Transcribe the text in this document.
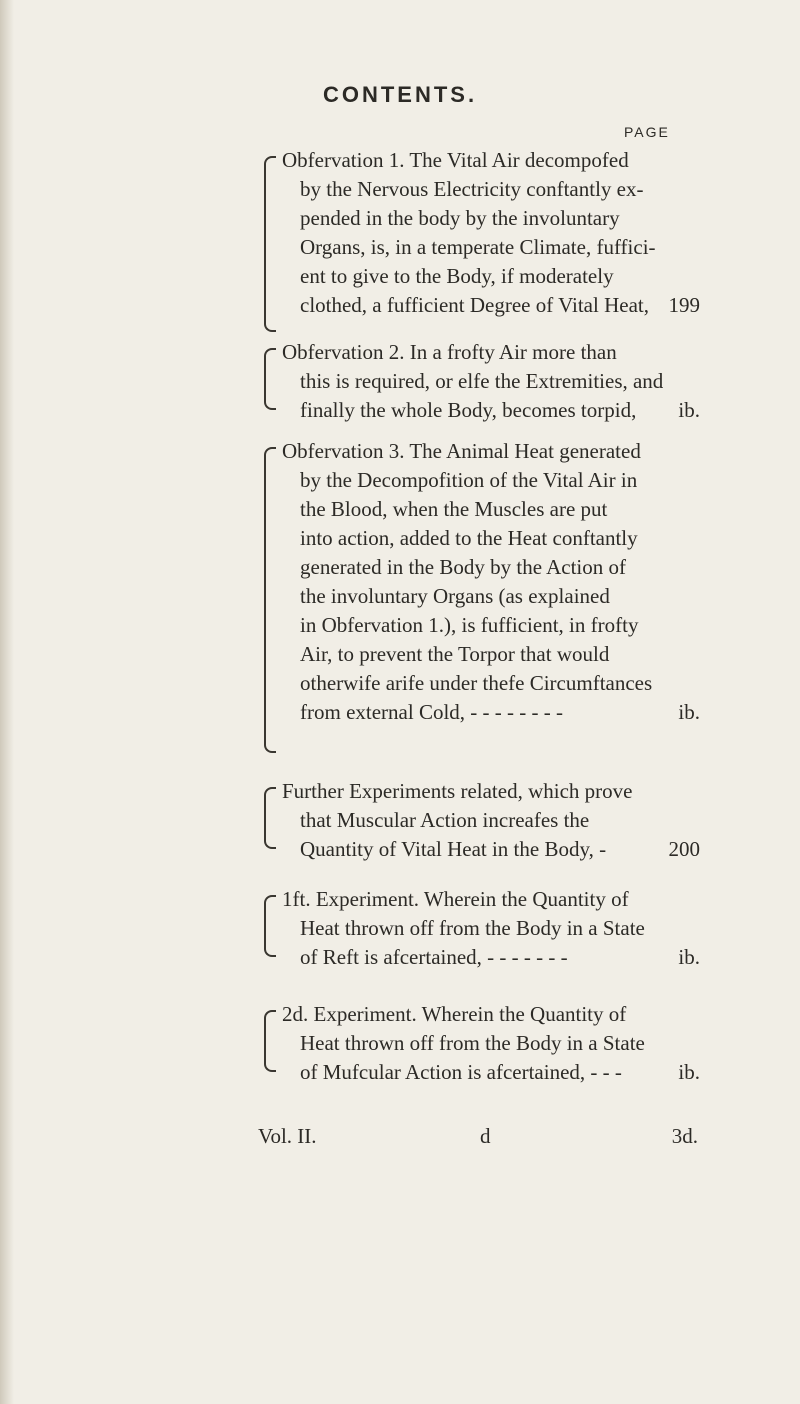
CONTENTS.
PAGE
Obfervation 1. The Vital Air decompofed
by the Nervous Electricity conftantly ex-
pended in the body by the involuntary
Organs, is, in a temperate Climate, fuffici-
ent to give to the Body, if moderately
clothed, a fufficient Degree of Vital Heat, 199
Obfervation 2. In a frofty Air more than
this is required, or elfe the Extremities, and
finally the whole Body, becomes torpid,	ib.
Obfervation 3. The Animal Heat generated
by the Decompofition of the Vital Air in
the Blood, when the Muscles are put
into action, added to the Heat conftantly
generated in the Body by the Action of
the involuntary Organs (as explained
in Obfervation 1.), is fufficient, in frofty
Air, to prevent the Torpor that would
otherwife arife under thefe Circumftances
from external Cold, - - - - - - - -	ib.
Further Experiments related, which prove
that Muscular Action increafes the
Quantity of Vital Heat in the Body, -	200
1ft. Experiment. Wherein the Quantity of
Heat thrown off from the Body in a State
of Reft is afcertained, - - - - - - -	ib.
2d. Experiment. Wherein the Quantity of
Heat thrown off from the Body in a State
of Mufcular Action is afcertained, - - -	ib.
Vol. II.	d	3d.
